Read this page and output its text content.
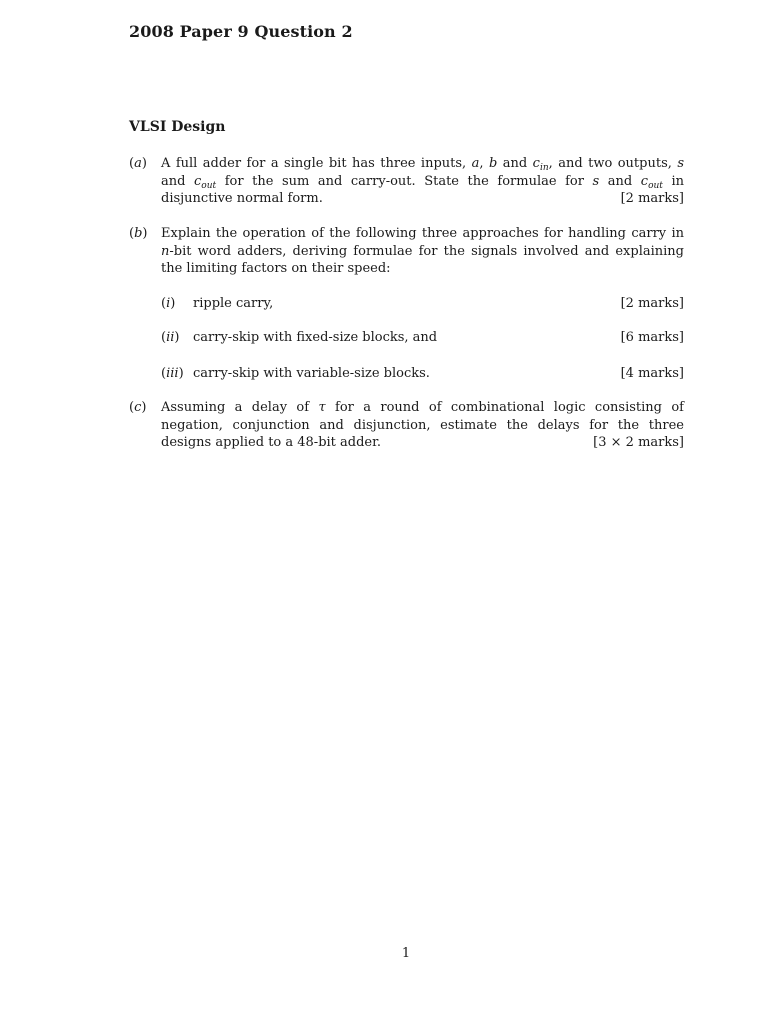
2008 Paper 9 Question 2
VLSI Design
(a) A full adder for a single bit has three inputs, a, b and $c_{in}$, and two outputs, s and $c_{out}$ for the sum and carry-out. State the formulae for s and $c_{out}$ in disjunctive normal form.	[2 marks]
(b) Explain the operation of the following three approaches for handling carry in n-bit word adders, deriving formulae for the signals involved and explaining the limiting factors on their speed:
(i) ripple carry,	[2 marks]
(ii) carry-skip with fixed-size blocks, and	[6 marks]
(iii) carry-skip with variable-size blocks.	[4 marks]
(c) Assuming a delay of τ for a round of combinational logic consisting of negation, conjunction and disjunction, estimate the delays for the three designs applied to a 48-bit adder.	[3 × 2 marks]
1
